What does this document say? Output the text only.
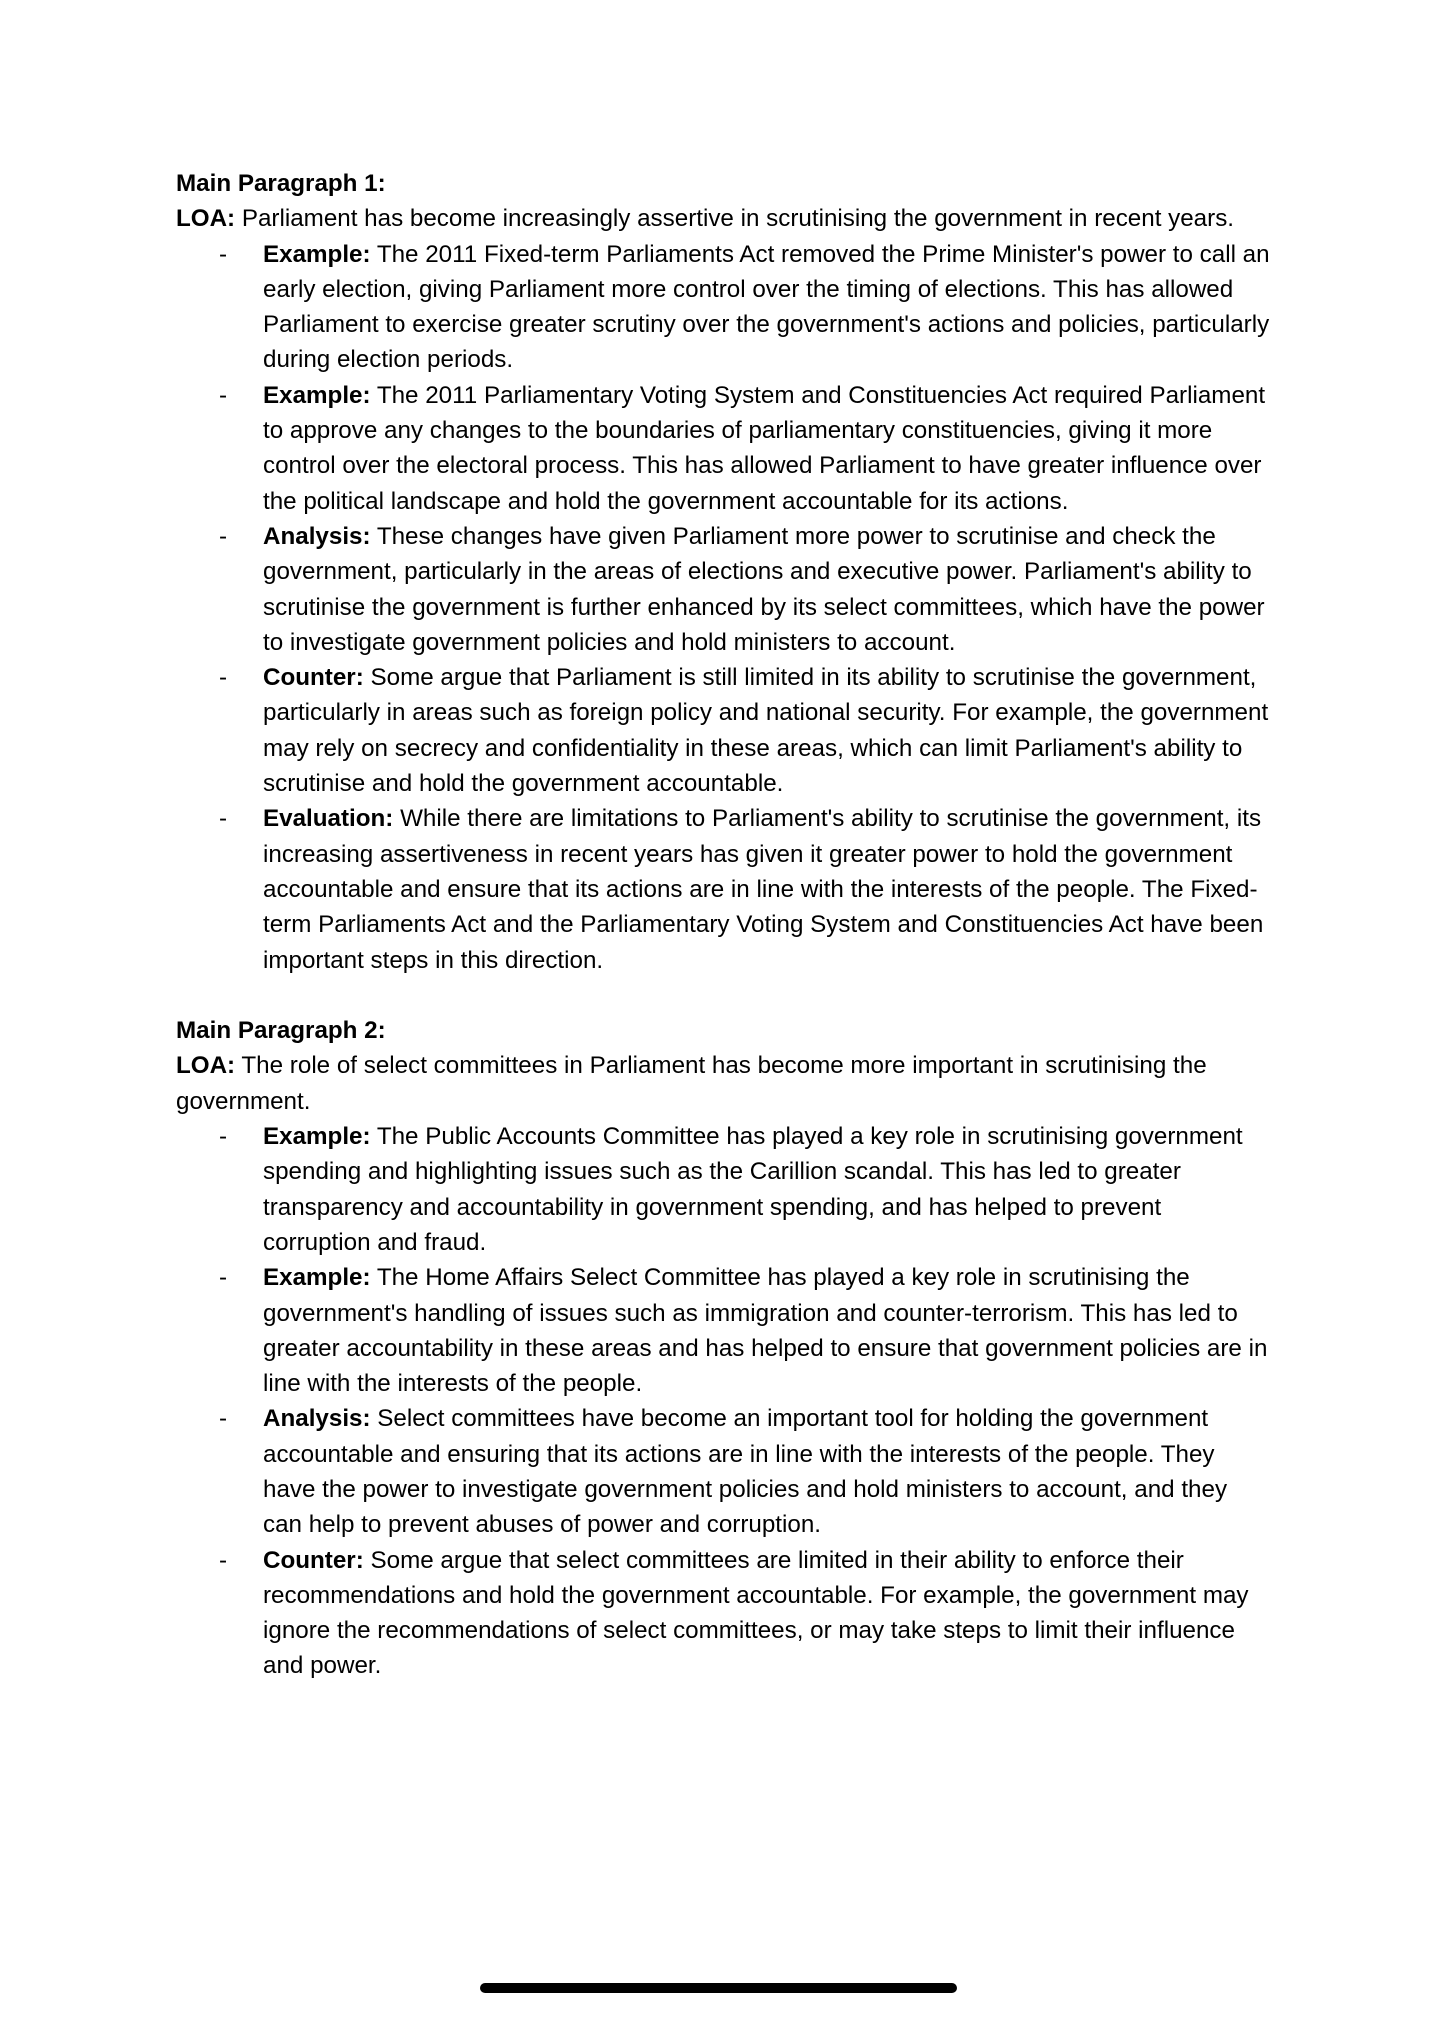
Main Paragraph 1:

LOA: Parliament has become increasingly assertive in scrutinising the government in recent years.

- Example: The 2011 Fixed-term Parliaments Act removed the Prime Minister's power to call an early election, giving Parliament more control over the timing of elections. This has allowed Parliament to exercise greater scrutiny over the government's actions and policies, particularly during election periods.
- Example: The 2011 Parliamentary Voting System and Constituencies Act required Parliament to approve any changes to the boundaries of parliamentary constituencies, giving it more control over the electoral process. This has allowed Parliament to have greater influence over the political landscape and hold the government accountable for its actions.
- Analysis: These changes have given Parliament more power to scrutinise and check the government, particularly in the areas of elections and executive power. Parliament's ability to scrutinise the government is further enhanced by its select committees, which have the power to investigate government policies and hold ministers to account.
- Counter: Some argue that Parliament is still limited in its ability to scrutinise the government, particularly in areas such as foreign policy and national security. For example, the government may rely on secrecy and confidentiality in these areas, which can limit Parliament's ability to scrutinise and hold the government accountable.
- Evaluation: While there are limitations to Parliament's ability to scrutinise the government, its increasing assertiveness in recent years has given it greater power to hold the government accountable and ensure that its actions are in line with the interests of the people. The Fixed-term Parliaments Act and the Parliamentary Voting System and Constituencies Act have been important steps in this direction.

Main Paragraph 2:

LOA: The role of select committees in Parliament has become more important in scrutinising the government.

- Example: The Public Accounts Committee has played a key role in scrutinising government spending and highlighting issues such as the Carillion scandal. This has led to greater transparency and accountability in government spending, and has helped to prevent corruption and fraud.
- Example: The Home Affairs Select Committee has played a key role in scrutinising the government's handling of issues such as immigration and counter-terrorism. This has led to greater accountability in these areas and has helped to ensure that government policies are in line with the interests of the people.
- Analysis: Select committees have become an important tool for holding the government accountable and ensuring that its actions are in line with the interests of the people. They have the power to investigate government policies and hold ministers to account, and they can help to prevent abuses of power and corruption.
- Counter: Some argue that select committees are limited in their ability to enforce their recommendations and hold the government accountable. For example, the government may ignore the recommendations of select committees, or may take steps to limit their influence and power.
